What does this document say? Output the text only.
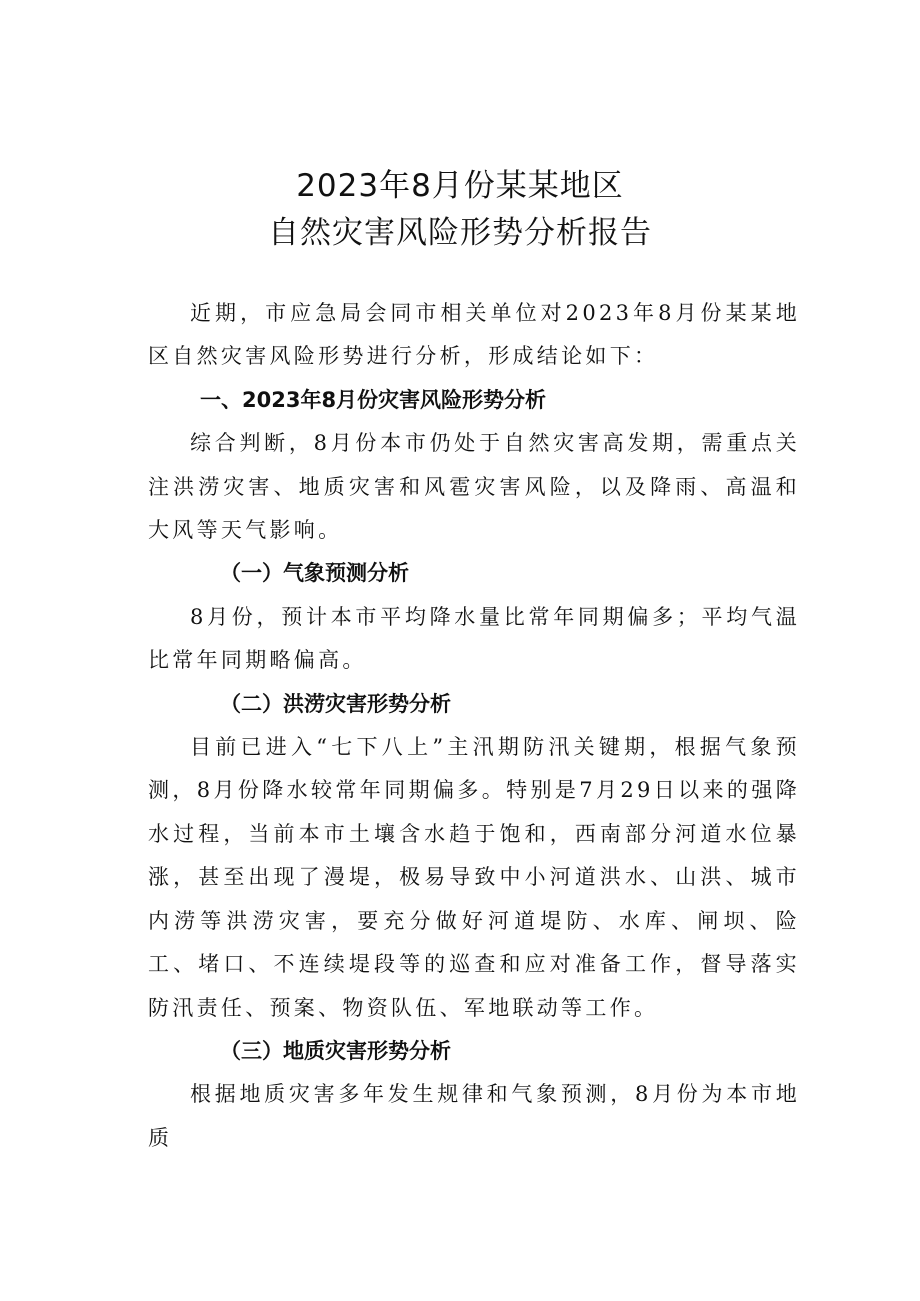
2023年8月份某某地区
自然灾害风险形势分析报告

近期，市应急局会同市相关单位对2023年8月份某某地区自然灾害风险形势进行分析，形成结论如下：

一、2023年8月份灾害风险形势分析

综合判断，8月份本市仍处于自然灾害高发期，需重点关注洪涝灾害、地质灾害和风雹灾害风险，以及降雨、高温和大风等天气影响。

（一）气象预测分析

8月份，预计本市平均降水量比常年同期偏多；平均气温比常年同期略偏高。

（二）洪涝灾害形势分析

目前已进入“七下八上”主汛期防汛关键期，根据气象预测，8月份降水较常年同期偏多。特别是7月29日以来的强降水过程，当前本市土壤含水趋于饱和，西南部分河道水位暴涨，甚至出现了漫堤，极易导致中小河道洪水、山洪、城市内涝等洪涝灾害，要充分做好河道堤防、水库、闸坝、险工、堵口、不连续堤段等的巡查和应对准备工作，督导落实防汛责任、预案、物资队伍、军地联动等工作。

（三）地质灾害形势分析

根据地质灾害多年发生规律和气象预测，8月份为本市地质
